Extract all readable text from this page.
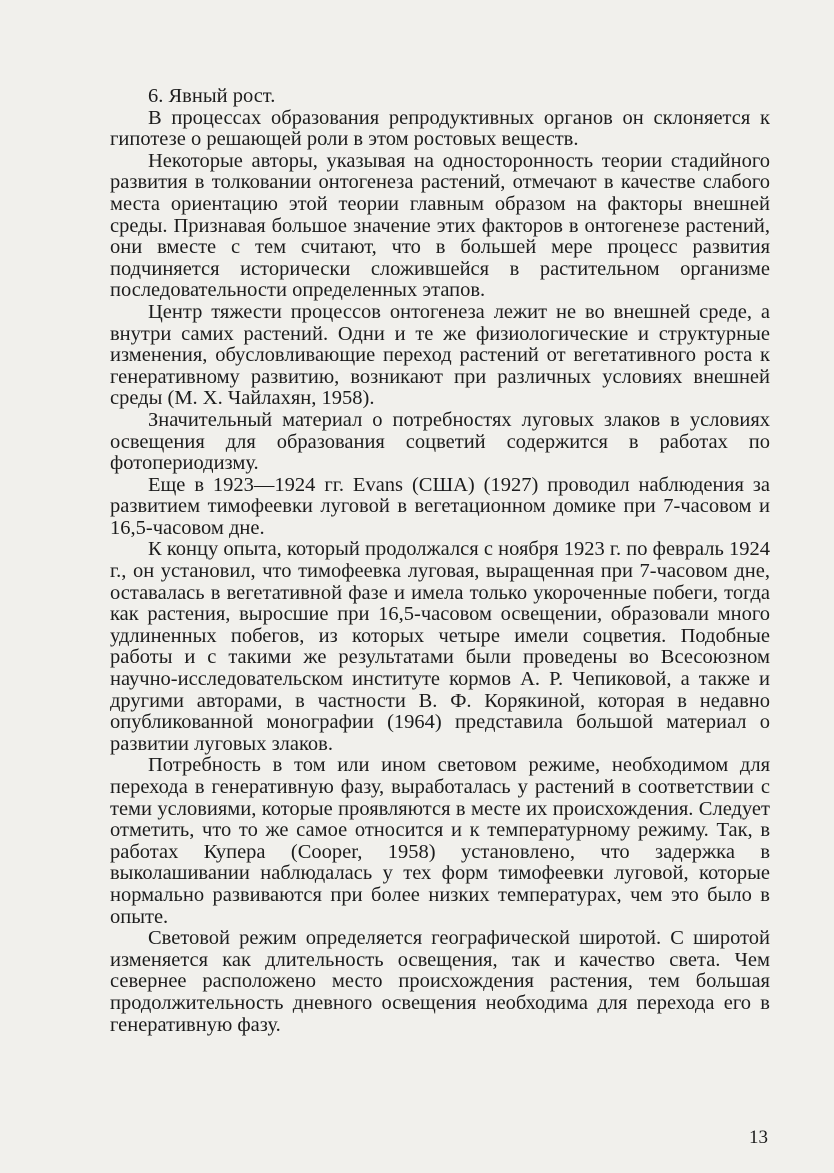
6. Явный рост.

В процессах образования репродуктивных органов он склоняется к гипотезе о решающей роли в этом ростовых веществ.

Некоторые авторы, указывая на односторонность теории стадийного развития в толковании онтогенеза растений, отмечают в качестве слабого места ориентацию этой теории главным образом на факторы внешней среды. Признавая большое значение этих факторов в онтогенезе растений, они вместе с тем считают, что в большей мере процесс развития подчиняется исторически сложившейся в растительном организме последовательности определенных этапов.

Центр тяжести процессов онтогенеза лежит не во внешней среде, а внутри самих растений. Одни и те же физиологические и структурные изменения, обусловливающие переход растений от вегетативного роста к генеративному развитию, возникают при различных условиях внешней среды (М. Х. Чайлахян, 1958).

Значительный материал о потребностях луговых злаков в условиях освещения для образования соцветий содержится в работах по фотопериодизму.

Еще в 1923—1924 гг. Evans (США) (1927) проводил наблюдения за развитием тимофеевки луговой в вегетационном домике при 7-часовом и 16,5-часовом дне.

К концу опыта, который продолжался с ноября 1923 г. по февраль 1924 г., он установил, что тимофеевка луговая, выращенная при 7-часовом дне, оставалась в вегетативной фазе и имела только укороченные побеги, тогда как растения, выросшие при 16,5-часовом освещении, образовали много удлиненных побегов, из которых четыре имели соцветия. Подобные работы и с такими же результатами были проведены во Всесоюзном научно-исследовательском институте кормов А. Р. Чепиковой, а также и другими авторами, в частности В. Ф. Корякиной, которая в недавно опубликованной монографии (1964) представила большой материал о развитии луговых злаков.

Потребность в том или ином световом режиме, необходимом для перехода в генеративную фазу, выработалась у растений в соответствии с теми условиями, которые проявляются в месте их происхождения. Следует отметить, что то же самое относится и к температурному режиму. Так, в работах Купера (Cooper, 1958) установлено, что задержка в выколашивании наблюдалась у тех форм тимофеевки луговой, которые нормально развиваются при более низких температурах, чем это было в опыте.

Световой режим определяется географической широтой. С широтой изменяется как длительность освещения, так и качество света. Чем севернее расположено место происхождения растения, тем большая продолжительность дневного освещения необходима для перехода его в генеративную фазу.

13
